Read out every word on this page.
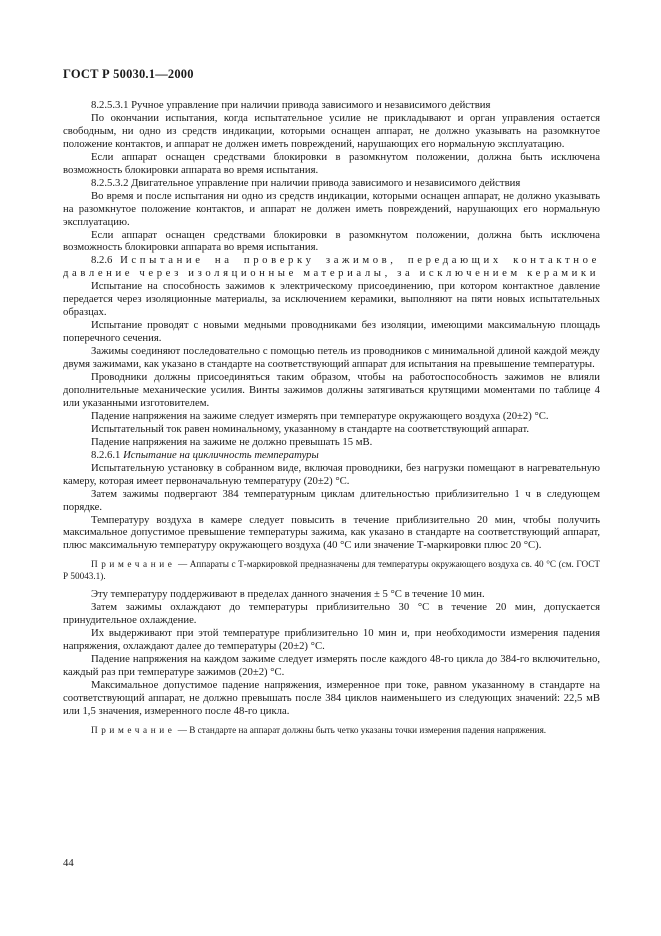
ГОСТ Р 50030.1—2000

8.2.5.3.1 Ручное управление при наличии привода зависимого и независимого действия

По окончании испытания, когда испытательное усилие не прикладывают и орган управления остается свободным, ни одно из средств индикации, которыми оснащен аппарат, не должно указывать на разомкнутое положение контактов, и аппарат не должен иметь повреждений, нарушающих его нормальную эксплуатацию.

Если аппарат оснащен средствами блокировки в разомкнутом положении, должна быть исключена возможность блокировки аппарата во время испытания.

8.2.5.3.2 Двигательное управление при наличии привода зависимого и независимого действия

Во время и после испытания ни одно из средств индикации, которыми оснащен аппарат, не должно указывать на разомкнутое положение контактов, и аппарат не должен иметь повреждений, нарушающих его нормальную эксплуатацию.

Если аппарат оснащен средствами блокировки в разомкнутом положении, должна быть исключена возможность блокировки аппарата во время испытания.

8.2.6 Испытание на проверку зажимов, передающих контактное давление через изоляционные материалы, за исключением керамики

Испытание на способность зажимов к электрическому присоединению, при котором контактное давление передается через изоляционные материалы, за исключением керамики, выполняют на пяти новых испытательных образцах.

Испытание проводят с новыми медными проводниками без изоляции, имеющими максимальную площадь поперечного сечения.

Зажимы соединяют последовательно с помощью петель из проводников с минимальной длиной каждой между двумя зажимами, как указано в стандарте на соответствующий аппарат для испытания на превышение температуры.

Проводники должны присоединяться таким образом, чтобы на работоспособность зажимов не влияли дополнительные механические усилия. Винты зажимов должны затягиваться крутящими моментами по таблице 4 или указанными изготовителем.

Падение напряжения на зажиме следует измерять при температуре окружающего воздуха (20±2) °С.

Испытательный ток равен номинальному, указанному в стандарте на соответствующий аппарат.

Падение напряжения на зажиме не должно превышать 15 мВ.

8.2.6.1 Испытание на цикличность температуры

Испытательную установку в собранном виде, включая проводники, без нагрузки помещают в нагревательную камеру, которая имеет первоначальную температуру (20±2) °С.

Затем зажимы подвергают 384 температурным циклам длительностью приблизительно 1 ч в следующем порядке.

Температуру воздуха в камере следует повысить в течение приблизительно 20 мин, чтобы получить максимальное допустимое превышение температуры зажима, как указано в стандарте на соответствующий аппарат, плюс максимальную температуру окружающего воздуха (40 °С или значение Т-маркировки плюс 20 °С).

Примечание — Аппараты с Т-маркировкой предназначены для температуры окружающего воздуха св. 40 °С (см. ГОСТ Р 50043.1).

Эту температуру поддерживают в пределах данного значения ± 5 °С в течение 10 мин.

Затем зажимы охлаждают до температуры приблизительно 30 °С в течение 20 мин, допускается принудительное охлаждение.

Их выдерживают при этой температуре приблизительно 10 мин и, при необходимости измерения падения напряжения, охлаждают далее до температуры (20±2) °С.

Падение напряжения на каждом зажиме следует измерять после каждого 48-го цикла до 384-го включительно, каждый раз при температуре зажимов (20±2) °С.

Максимальное допустимое падение напряжения, измеренное при токе, равном указанному в стандарте на соответствующий аппарат, не должно превышать после 384 циклов наименьшего из следующих значений: 22,5 мВ или 1,5 значения, измеренного после 48-го цикла.

Примечание — В стандарте на аппарат должны быть четко указаны точки измерения падения напряжения.

44
